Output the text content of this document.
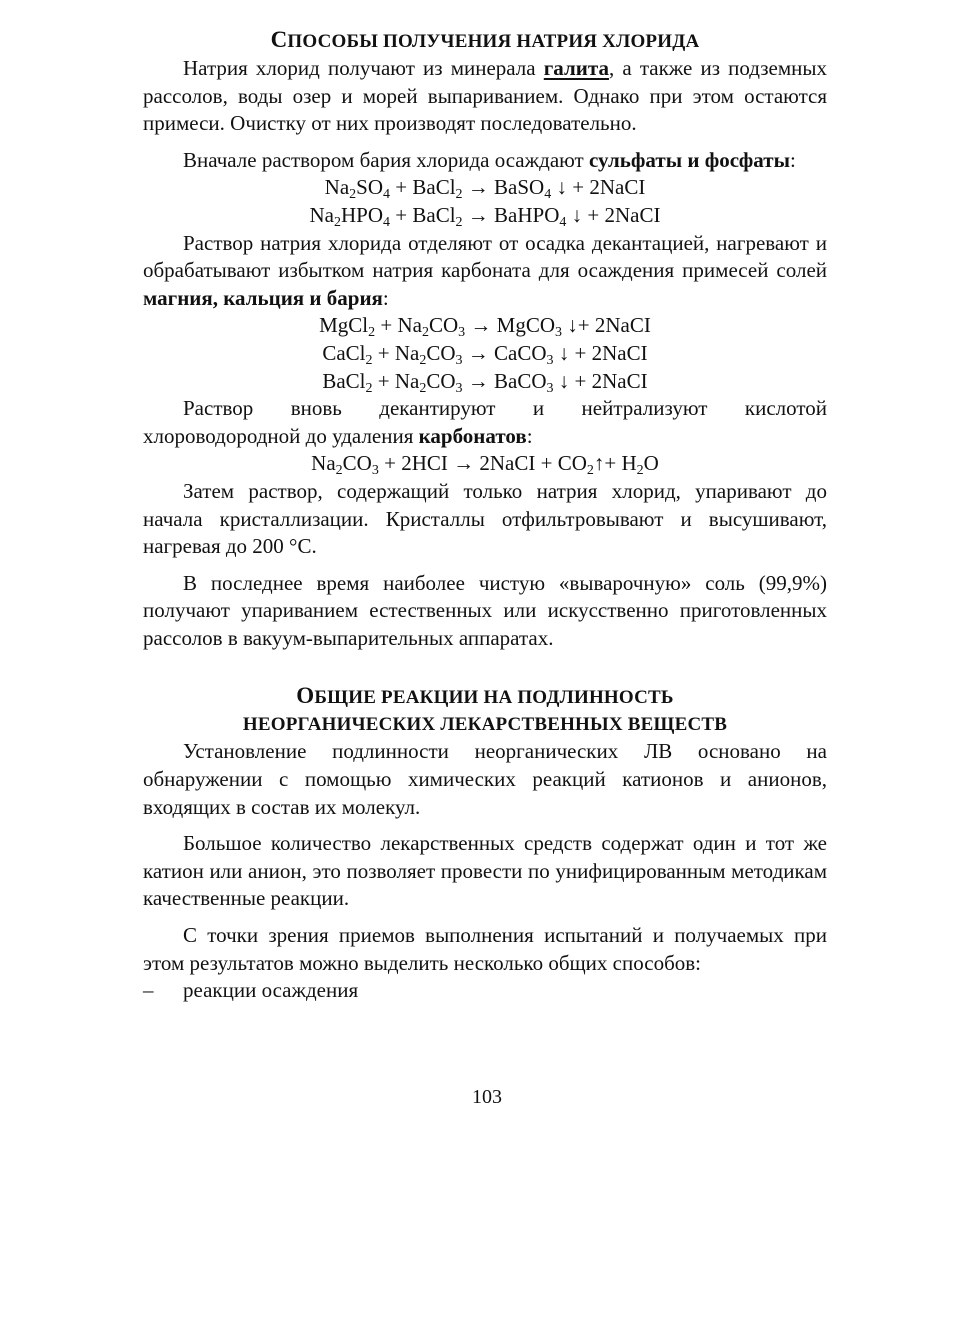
СПОСОБЫ ПОЛУЧЕНИЯ НАТРИЯ ХЛОРИДА

Натрия хлорид получают из минерала галита, а также из подземных рассолов, воды озер и морей выпариванием. Однако при этом остаются примеси. Очистку от них производят последовательно.

Вначале раствором бария хлорида осаждают сульфаты и фосфаты:

$Na_2SO_4$ + BaCl$_2$ → BaSO$_4$ ↓ + 2NaCI
$Na_2HPO_4$ + BaCl$_2$ → BaHPO$_4$ ↓ + 2NaCI

Раствор натрия хлорида отделяют от осадка декантацией, нагревают и обрабатывают избытком натрия карбоната для осаждения примесей солей магния, кальция и бария:

MgCl$_2$ + $Na_2CO_3$ → MgCO$_3$ ↓+ 2NaCI
CaCl$_2$ + $Na_2CO_3$ → CaCO$_3$ ↓ + 2NaCI
BaCl$_2$ + $Na_2CO_3$ → BaCO$_3$ ↓ + 2NaCI

Раствор вновь декантируют и нейтрализуют кислотой хлороводородной до удаления карбонатов:

$Na_2CO_3 + 2HCI$ → 2NaCI + $CO_2↑+ H_2O$

Затем раствор, содержащий только натрия хлорид, упаривают до начала кристаллизации. Кристаллы отфильтровывают и высушивают, нагревая до 200 °С.

В последнее время наиболее чистую «выварочную» соль (99,9%) получают упариванием естественных или искусственно приготовленных рассолов в вакуум-выпарительных аппаратах.

ОБЩИЕ РЕАКЦИИ НА ПОДЛИННОСТЬ
НЕОРГАНИЧЕСКИХ ЛЕКАРСТВЕННЫХ ВЕЩЕСТВ

Установление подлинности неорганических ЛВ основано на обнаружении с помощью химических реакций катионов и анионов, входящих в состав их молекул.

Большое количество лекарственных средств содержат один и тот же катион или анион, это позволяет провести по унифицированным методикам качественные реакции.

С точки зрения приемов выполнения испытаний и получаемых при этом результатов можно выделить несколько общих способов:

–	реакции осаждения
103
